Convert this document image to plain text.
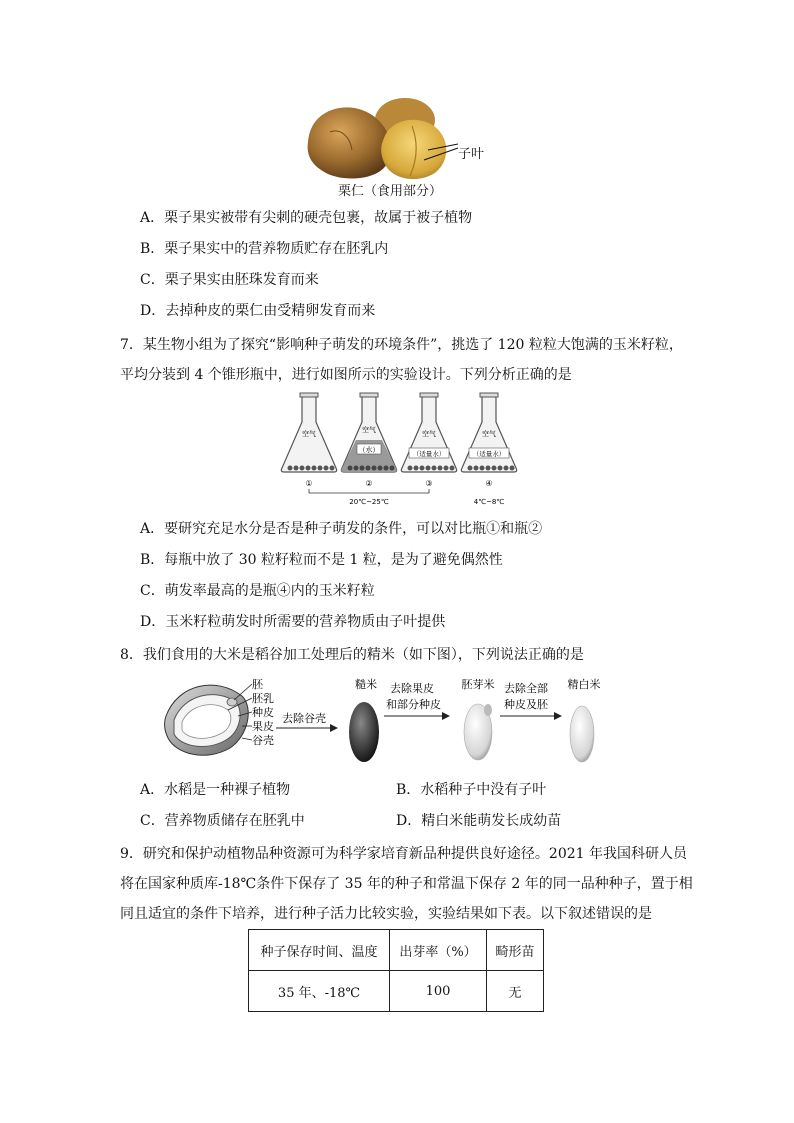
子叶
栗仁（食用部分）
A．栗子果实被带有尖刺的硬壳包裹，故属于被子植物
B．栗子果实中的营养物质贮存在胚乳内
C．栗子果实由胚珠发育而来
D．去掉种皮的栗仁由受精卵发育而来
7．某生物小组为了探究“影响种子萌发的环境条件”，挑选了 120 粒粒大饱满的玉米籽粒，
平均分装到 4 个锥形瓶中，进行如图所示的实验设计。下列分析正确的是
空气	空气
（水）
空气
（适量水）
空气
（适量水）
①	②	③	④
20℃~25℃	4℃~8℃
A．要研究充足水分是否是种子萌发的条件，可以对比瓶①和瓶②
B．每瓶中放了 30 粒籽粒而不是 1 粒，是为了避免偶然性
C．萌发率最高的是瓶④内的玉米籽粒
D．玉米籽粒萌发时所需要的营养物质由子叶提供
8．我们食用的大米是稻谷加工处理后的精米（如下图），下列说法正确的是
胚
胚乳
种皮
果皮
谷壳
去除谷壳
糙米 去除果皮
和部分种皮
胚芽米 去除全部
种皮及胚
精白米
A．水稻是一种裸子植物	B．水稻种子中没有子叶
C．营养物质储存在胚乳中	D．精白米能萌发长成幼苗
9．研究和保护动植物品种资源可为科学家培育新品种提供良好途径。2021 年我国科研人员
将在国家种质库-18℃条件下保存了 35 年的种子和常温下保存 2 年的同一品种种子，置于相
同且适宜的条件下培养，进行种子活力比较实验，实验结果如下表。以下叙述错误的是
种子保存时间、温度	出芽率（%）	畸形苗
35 年、-18℃	100	无
